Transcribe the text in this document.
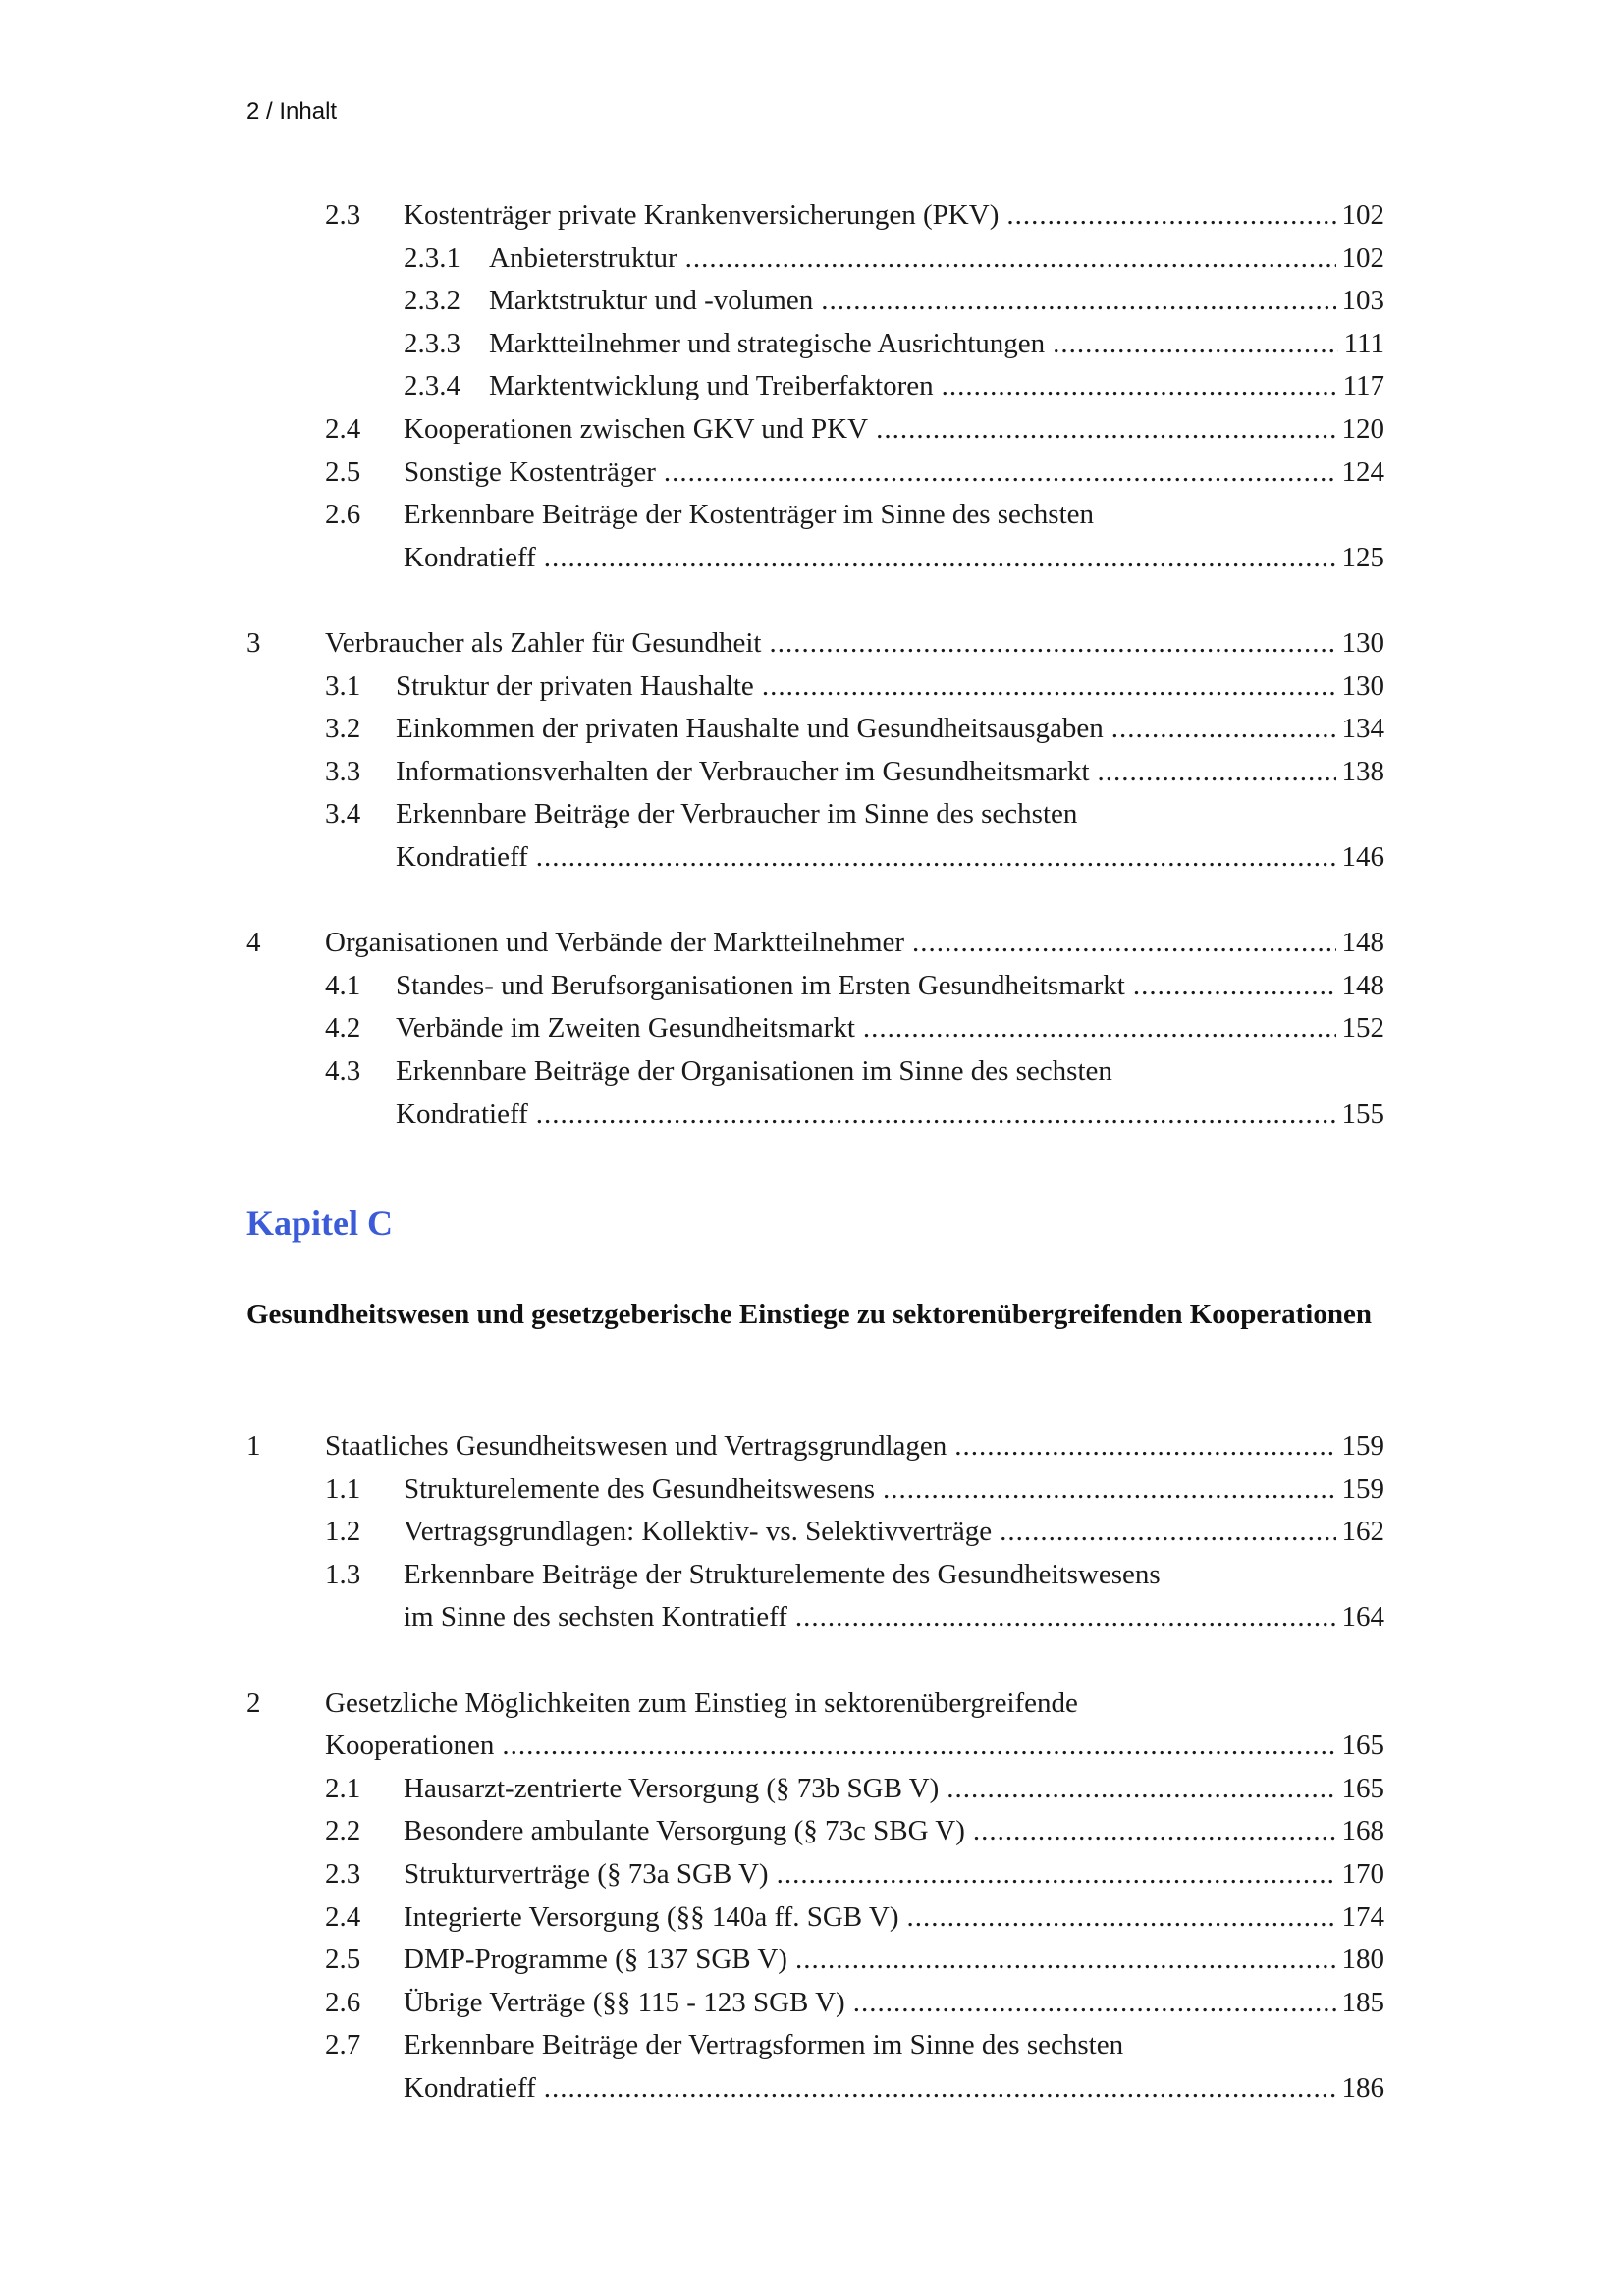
2 / Inhalt
2.3 Kostenträger private Krankenversicherungen (PKV) .....	102
2.3.1 Anbieterstruktur .....	102
2.3.2 Marktstruktur und -volumen .....	103
2.3.3 Marktteilnehmer und strategische Ausrichtungen .....	111
2.3.4 Marktentwicklung und Treiberfaktoren .....	117
2.4 Kooperationen zwischen GKV und PKV .....	120
2.5 Sonstige Kostenträger .....	124
2.6 Erkennbare Beiträge der Kostenträger im Sinne des sechsten
Kondratieff .....	125
3 Verbraucher als Zahler für Gesundheit .....	130
3.1 Struktur der privaten Haushalte .....	130
3.2 Einkommen der privaten Haushalte und Gesundheitsausgaben .....	134
3.3 Informationsverhalten der Verbraucher im Gesundheitsmarkt .....	138
3.4 Erkennbare Beiträge der Verbraucher im Sinne des sechsten
Kondratieff .....	146
4 Organisationen und Verbände der Marktteilnehmer .....	148
4.1 Standes- und Berufsorganisationen im Ersten Gesundheitsmarkt .....	148
4.2 Verbände im Zweiten Gesundheitsmarkt .....	152
4.3 Erkennbare Beiträge der Organisationen im Sinne des sechsten
Kondratieff .....	155
Kapitel C
Gesundheitswesen und gesetzgeberische Einstiege zu sektorenübergreifenden Kooperationen
1 Staatliches Gesundheitswesen und Vertragsgrundlagen .....	159
1.1 Strukturelemente des Gesundheitswesens .....	159
1.2 Vertragsgrundlagen: Kollektiv- vs. Selektivverträge .....	162
1.3 Erkennbare Beiträge der Strukturelemente des Gesundheitswesens
im Sinne des sechsten Kontratieff .....	164
2 Gesetzliche Möglichkeiten zum Einstieg in sektorenübergreifende
Kooperationen .....	165
2.1 Hausarzt-zentrierte Versorgung (§ 73b SGB V) .....	165
2.2 Besondere ambulante Versorgung (§ 73c SBG V) .....	168
2.3 Strukturverträge (§ 73a SGB V) .....	170
2.4 Integrierte Versorgung (§§ 140a ff. SGB V) .....	174
2.5 DMP-Programme (§ 137 SGB V) .....	180
2.6 Übrige Verträge (§§ 115 - 123 SGB V) .....	185
2.7 Erkennbare Beiträge der Vertragsformen im Sinne des sechsten
Kondratieff .....	186
